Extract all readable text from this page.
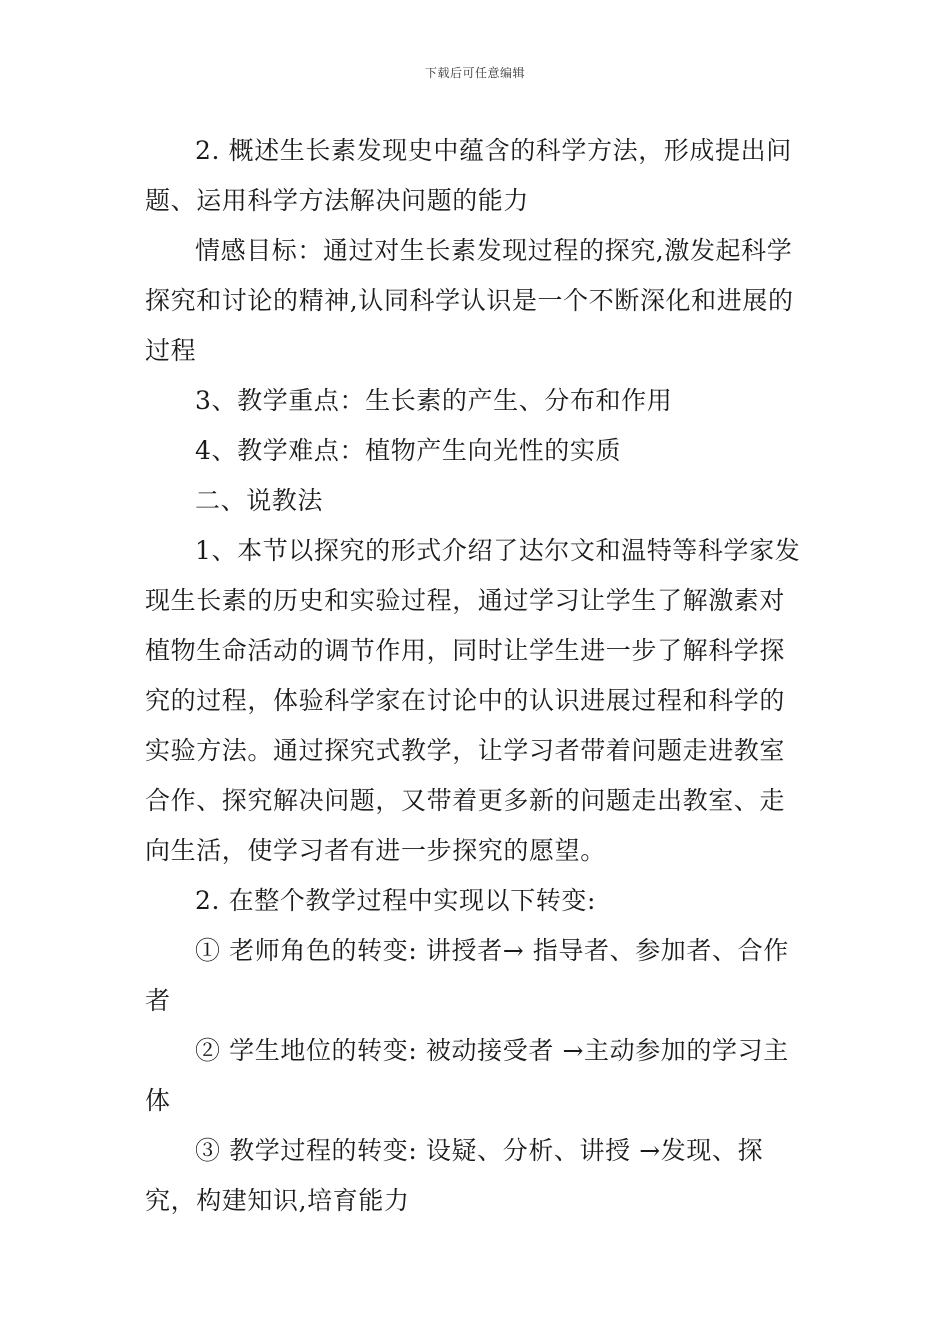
下载后可任意编辑

2. 概述生长素发现史中蕴含的科学方法，形成提出问题、运用科学方法解决问题的能力

情感目标：通过对生长素发现过程的探究,激发起科学探究和讨论的精神,认同科学认识是一个不断深化和进展的过程

3、教学重点：生长素的产生、分布和作用

4、教学难点：植物产生向光性的实质

二、说教法

1、本节以探究的形式介绍了达尔文和温特等科学家发现生长素的历史和实验过程，通过学习让学生了解激素对植物生命活动的调节作用，同时让学生进一步了解科学探究的过程，体验科学家在讨论中的认识进展过程和科学的实验方法。通过探究式教学，让学习者带着问题走进教室合作、探究解决问题，又带着更多新的问题走出教室、走向生活，使学习者有进一步探究的愿望。

2. 在整个教学过程中实现以下转变:

① 老师角色的转变: 讲授者→ 指导者、参加者、合作者

② 学生地位的转变: 被动接受者 →主动参加的学习主体

③ 教学过程的转变: 设疑、分析、讲授 →发现、探究，构建知识,培育能力
